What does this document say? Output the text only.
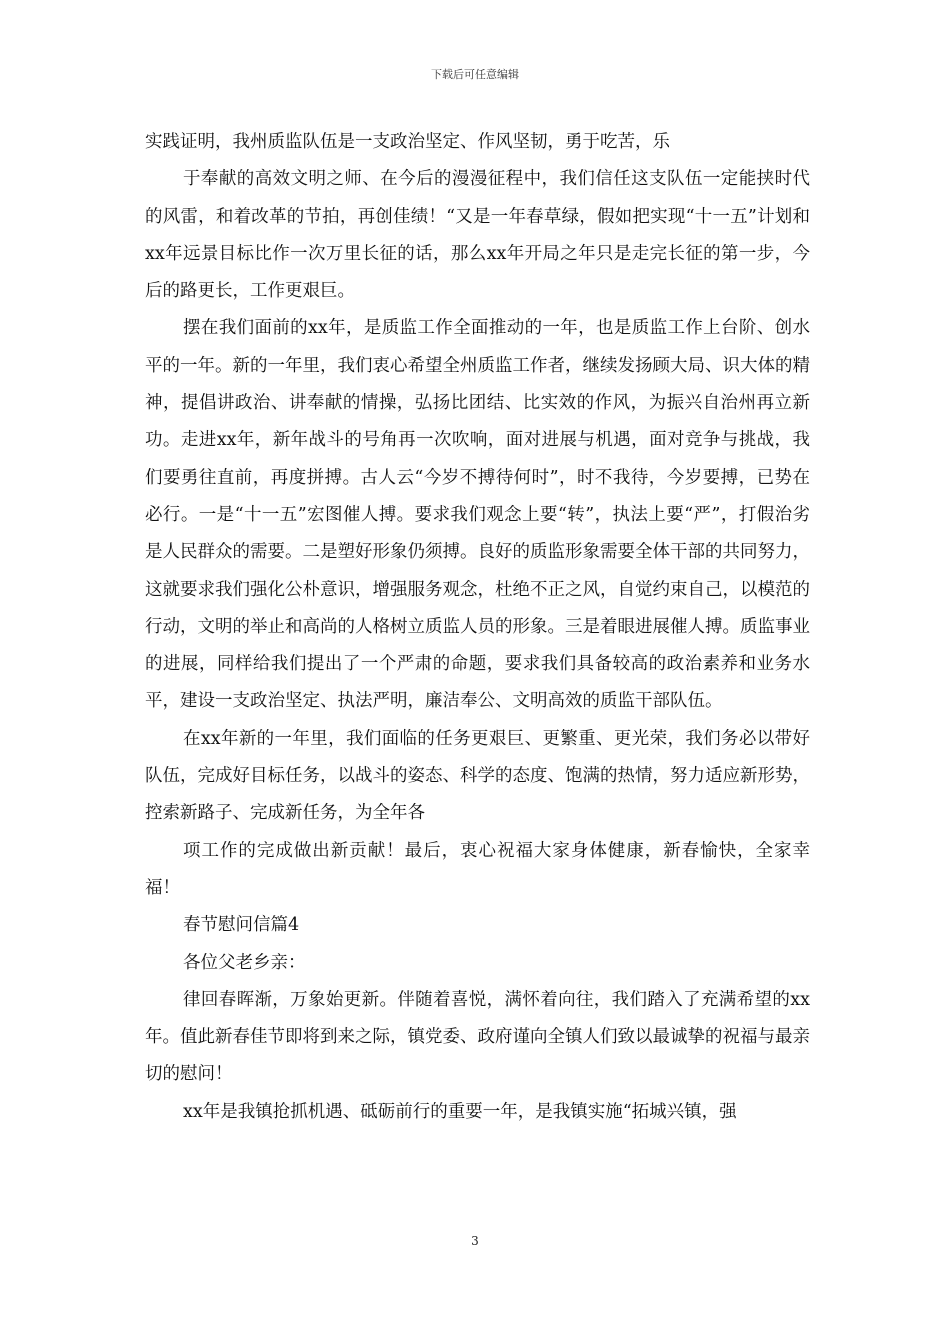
下载后可任意编辑

实践证明，我州质监队伍是一支政治坚定、作风坚韧，勇于吃苦，乐

于奉献的高效文明之师、在今后的漫漫征程中，我们信任这支队伍一定能挟时代的风雷，和着改革的节拍，再创佳绩！“又是一年春草绿，假如把实现“十一五”计划和xx年远景目标比作一次万里长征的话，那么xx年开局之年只是走完长征的第一步，今后的路更长，工作更艰巨。

摆在我们面前的xx年，是质监工作全面推动的一年，也是质监工作上台阶、创水平的一年。新的一年里，我们衷心希望全州质监工作者，继续发扬顾大局、识大体的精神，提倡讲政治、讲奉献的情操，弘扬比团结、比实效的作风，为振兴自治州再立新功。走进xx年，新年战斗的号角再一次吹响，面对进展与机遇，面对竞争与挑战，我们要勇往直前，再度拼搏。古人云“今岁不搏待何时”，时不我待，今岁要搏，已势在必行。一是“十一五”宏图催人搏。要求我们观念上要“转”，执法上要“严”，打假治劣是人民群众的需要。二是塑好形象仍须搏。良好的质监形象需要全体干部的共同努力，这就要求我们强化公朴意识，增强服务观念，杜绝不正之风，自觉约束自己，以模范的行动，文明的举止和高尚的人格树立质监人员的形象。三是着眼进展催人搏。质监事业的进展，同样给我们提出了一个严肃的命题，要求我们具备较高的政治素养和业务水平，建设一支政治坚定、执法严明，廉洁奉公、文明高效的质监干部队伍。

在xx年新的一年里，我们面临的任务更艰巨、更繁重、更光荣，我们务必以带好队伍，完成好目标任务，以战斗的姿态、科学的态度、饱满的热情，努力适应新形势，控索新路子、完成新任务，为全年各

项工作的完成做出新贡献！最后，衷心祝福大家身体健康，新春愉快，全家幸福！

春节慰问信篇4

各位父老乡亲：

律回春晖渐，万象始更新。伴随着喜悦，满怀着向往，我们踏入了充满希望的xx年。值此新春佳节即将到来之际，镇党委、政府谨向全镇人们致以最诚挚的祝福与最亲切的慰问！

xx年是我镇抢抓机遇、砥砺前行的重要一年，是我镇实施“拓城兴镇，强

3
